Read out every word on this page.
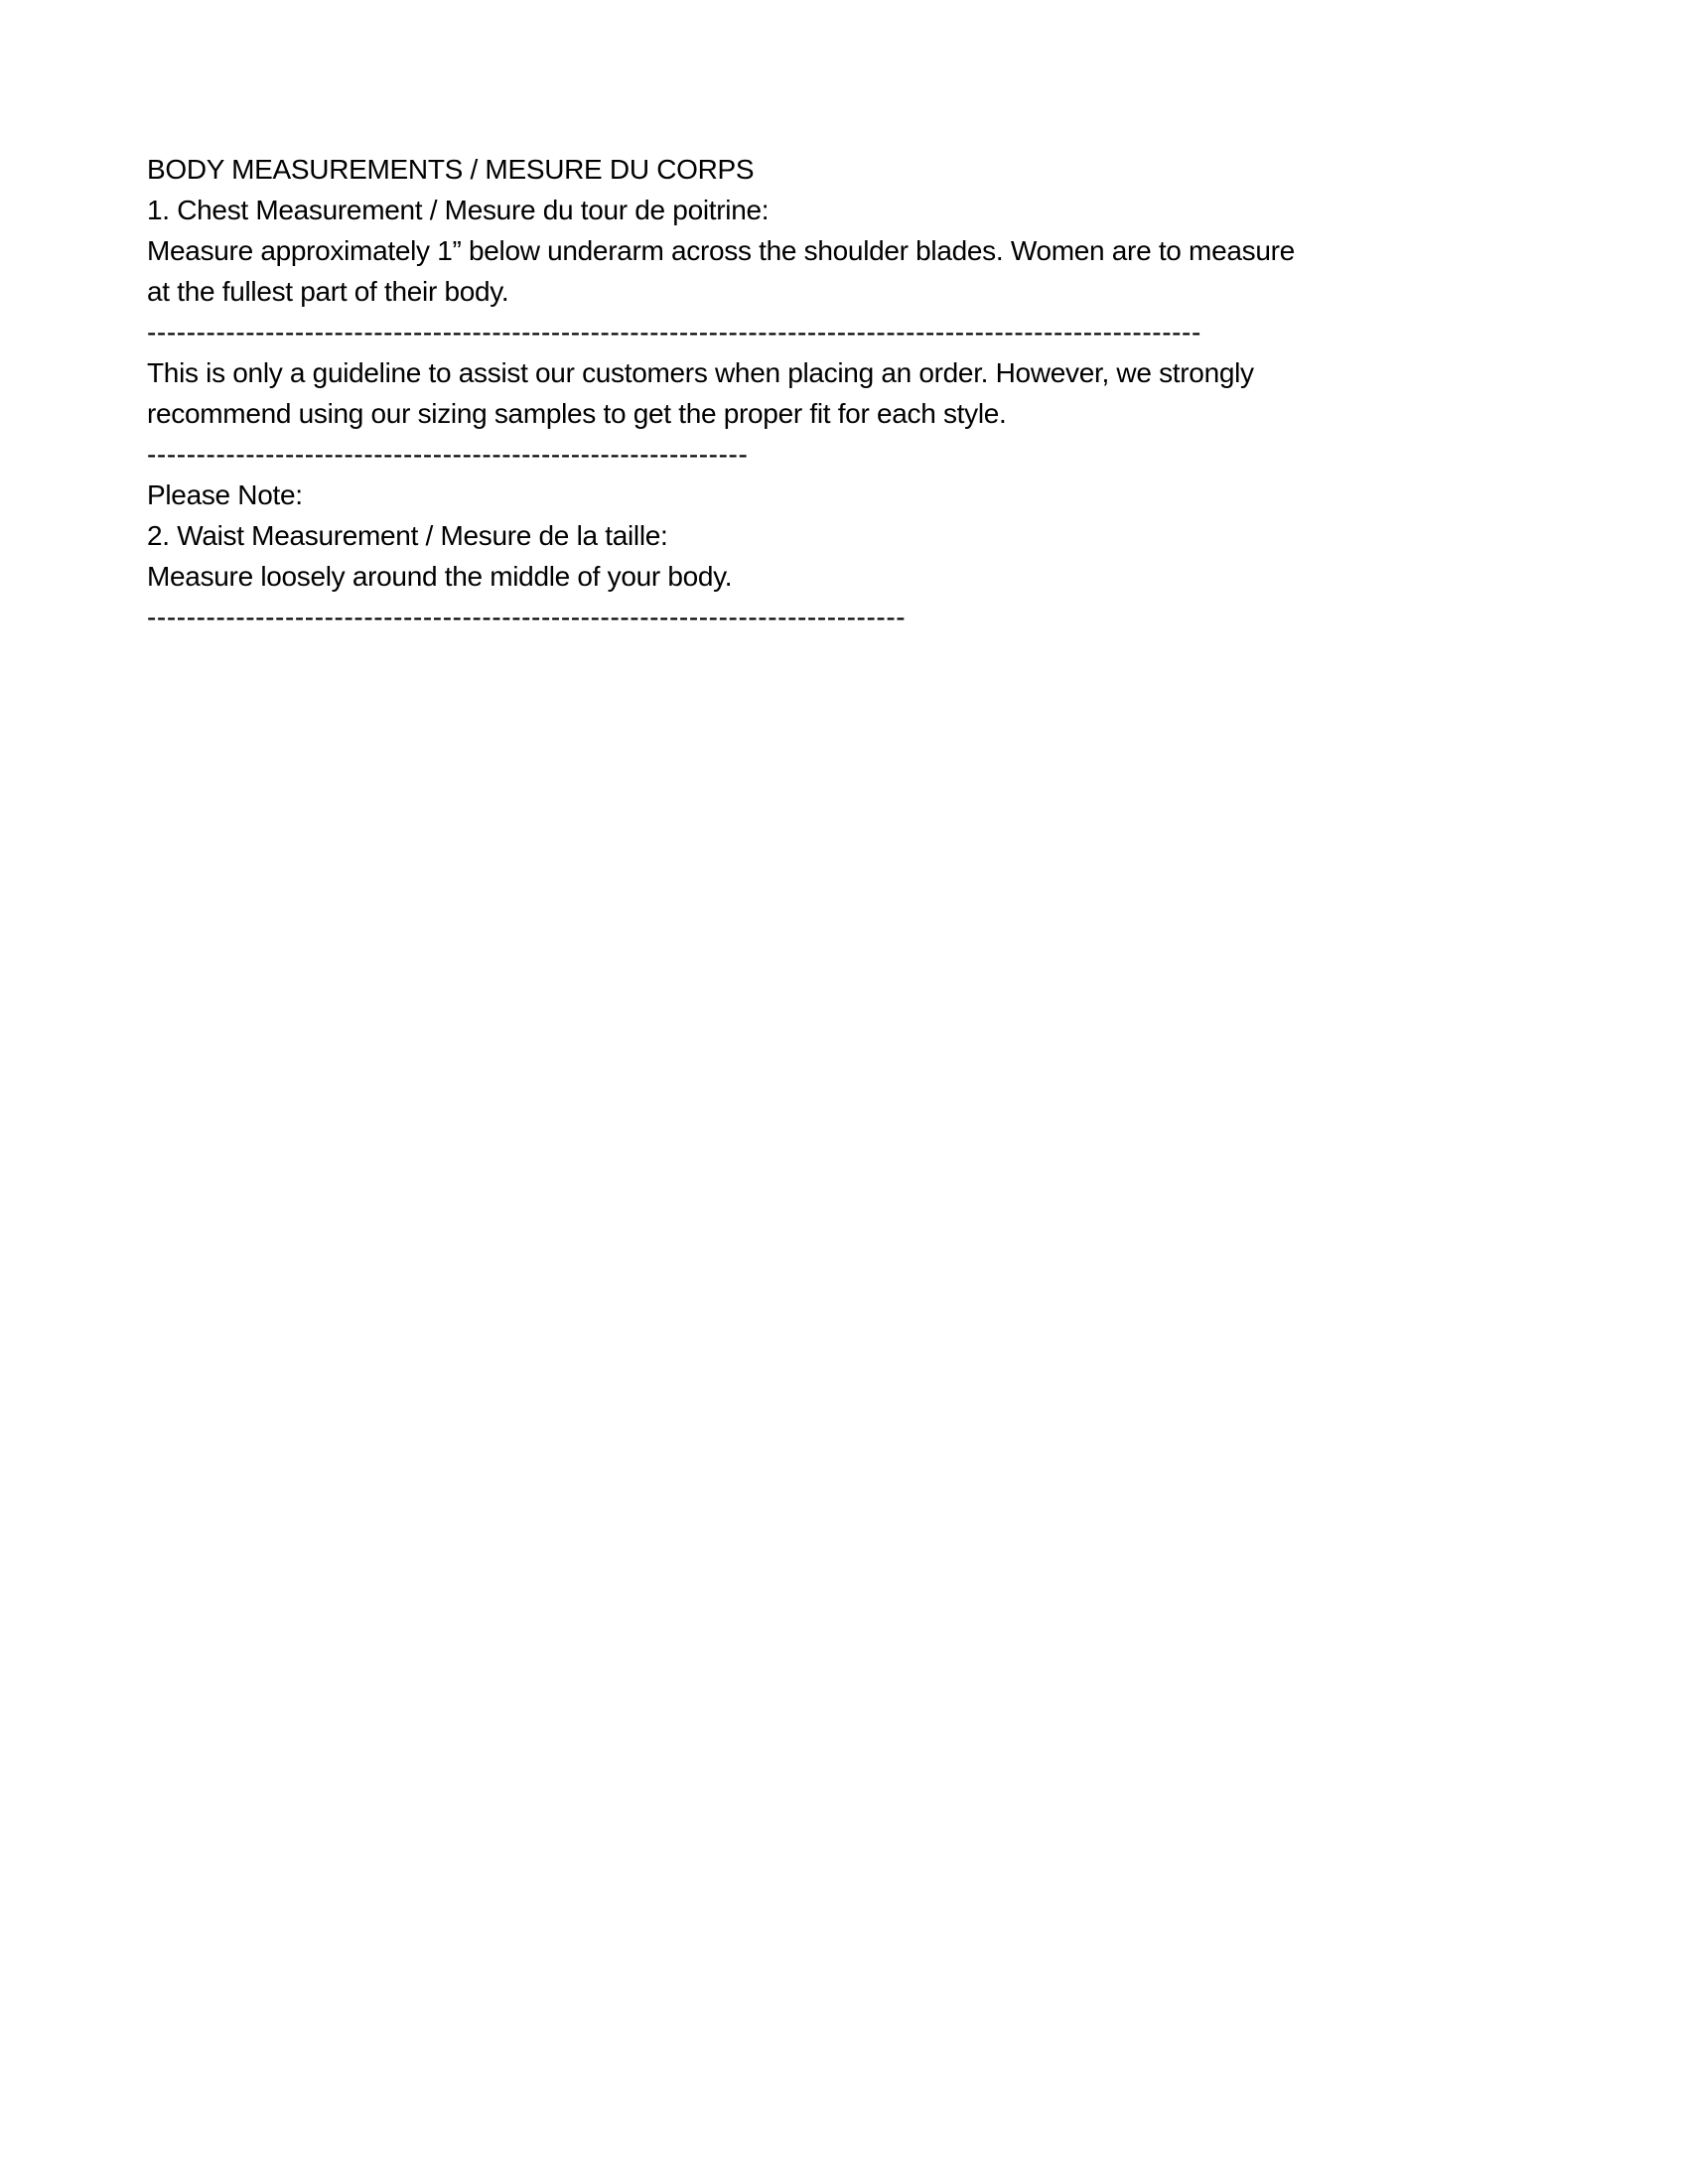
BODY MEASUREMENTS / MESURE DU CORPS
1. Chest Measurement / Mesure du tour de poitrine:
Measure approximately 1” below underarm across the shoulder blades. Women are to measure
at the fullest part of their body.
-----------------------------------------------------------------------------------------------------------
This is only a guideline to assist our customers when placing an order. However, we strongly
recommend using our sizing samples to get the proper fit for each style.
-------------------------------------------------------------
Please Note:
2. Waist Measurement / Mesure de la taille:
Measure loosely around the middle of your body.
-----------------------------------------------------------------------------
